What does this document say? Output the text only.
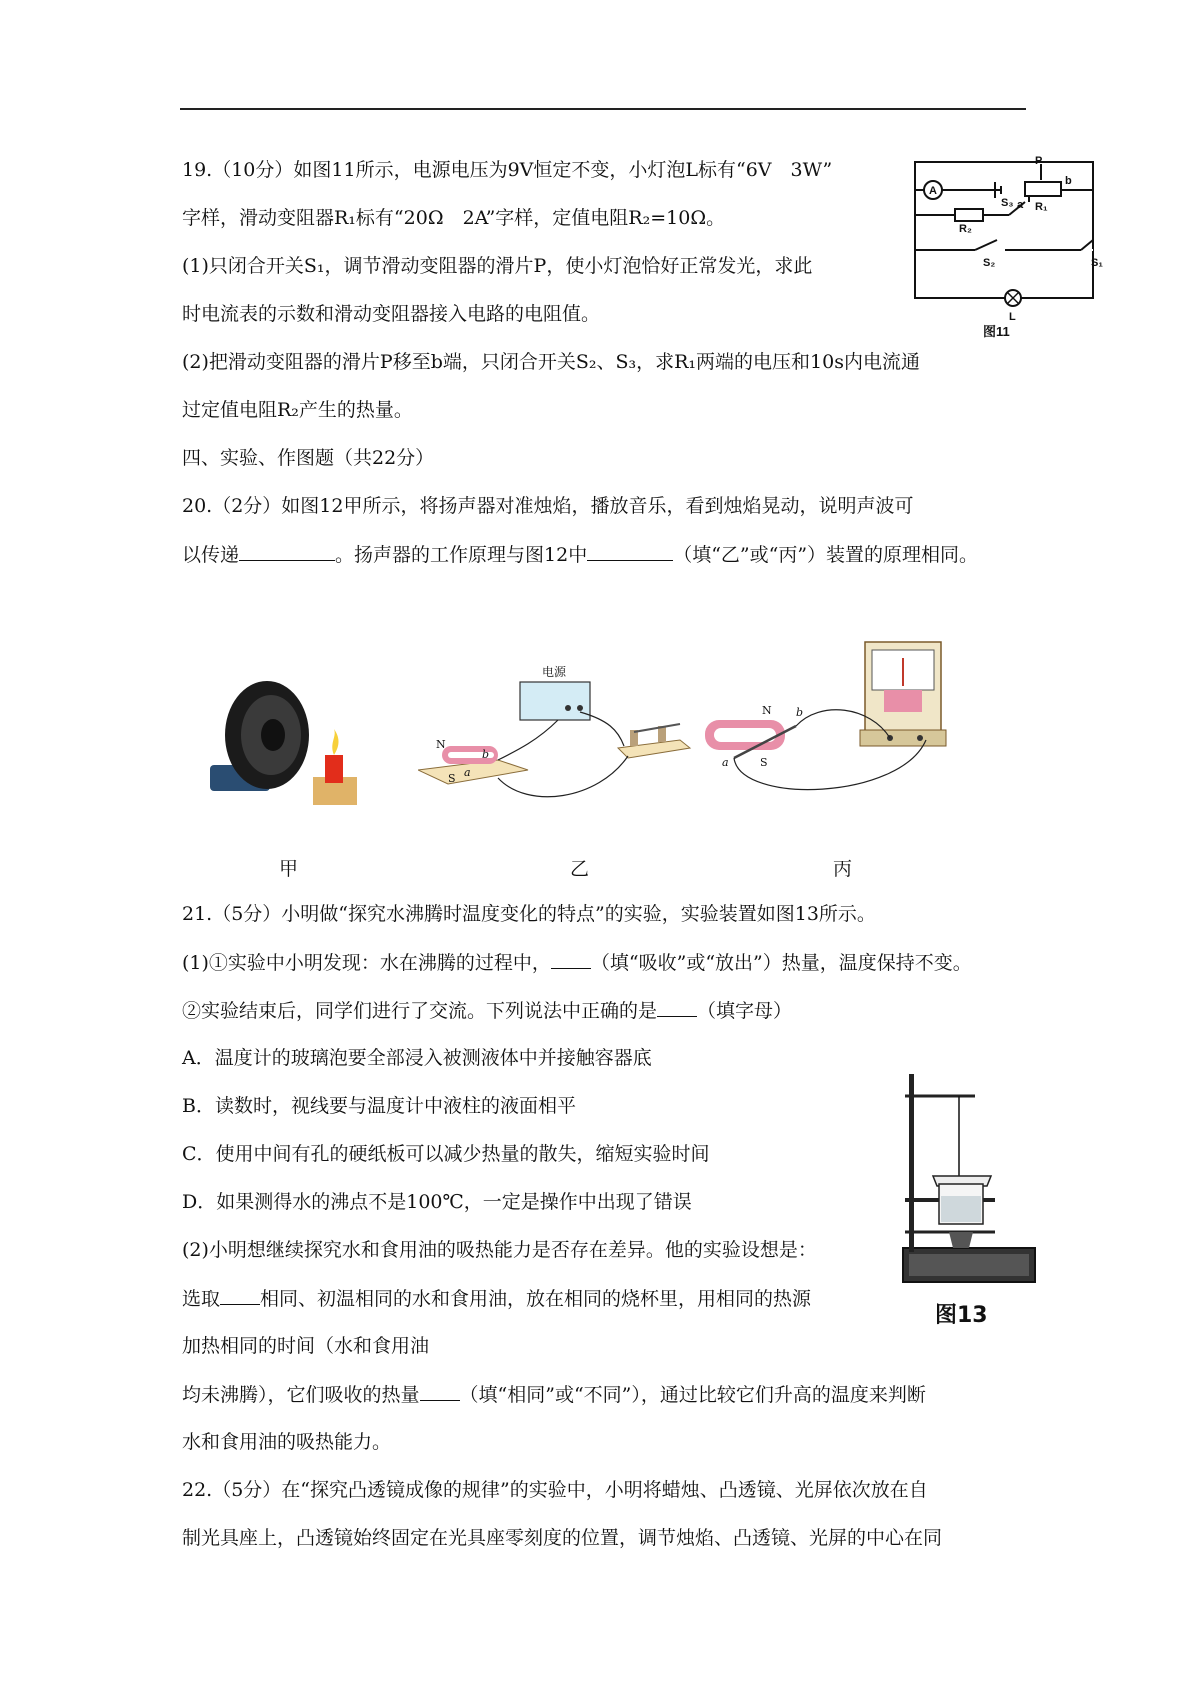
19.（10分）如图11所示，电源电压为9V恒定不变，小灯泡L标有“6V　3W”
字样，滑动变阻器R₁标有“20Ω　2A”字样，定值电阻R₂=10Ω。
(1)只闭合开关S₁，调节滑动变阻器的滑片P，使小灯泡恰好正常发光，求此
时电流表的示数和滑动变阻器接入电路的电阻值。
(2)把滑动变阻器的滑片P移至b端，只闭合开关S₂、S₃，求R₁两端的电压和10s内电流通
过定值电阻R₂产生的热量。
A
P
b
a R₁
R₂
S₃
S₂	S₁
L
图11
四、实验、作图题（共22分）
20.（2分）如图12甲所示，将扬声器对准烛焰，播放音乐，看到烛焰晃动，说明声波可
以传递	。扬声器的工作原理与图12中	（填“乙”或“丙”）装置的原理相同。
电源
N
S
b
a
N
S
b
a
甲	乙	丙
21.（5分）小明做“探究水沸腾时温度变化的特点”的实验，实验装置如图13所示。
(1)①实验中小明发现：水在沸腾的过程中， （填“吸收”或“放出”）热量，温度保持不变。
②实验结束后，同学们进行了交流。下列说法中正确的是 （填字母）
A．温度计的玻璃泡要全部浸入被测液体中并接触容器底
B．读数时，视线要与温度计中液柱的液面相平
C．使用中间有孔的硬纸板可以减少热量的散失，缩短实验时间
D．如果测得水的沸点不是100℃，一定是操作中出现了错误
(2)小明想继续探究水和食用油的吸热能力是否存在差异。他的实验设想是：
选取 相同、初温相同的水和食用油，放在相同的烧杯里，用相同的热源
加热相同的时间（水和食用油
均未沸腾），它们吸收的热量 （填“相同”或“不同”），通过比较它们升高的温度来判断
水和食用油的吸热能力。
图13
22.（5分）在“探究凸透镜成像的规律”的实验中，小明将蜡烛、凸透镜、光屏依次放在自
制光具座上，凸透镜始终固定在光具座零刻度的位置，调节烛焰、凸透镜、光屏的中心在同
